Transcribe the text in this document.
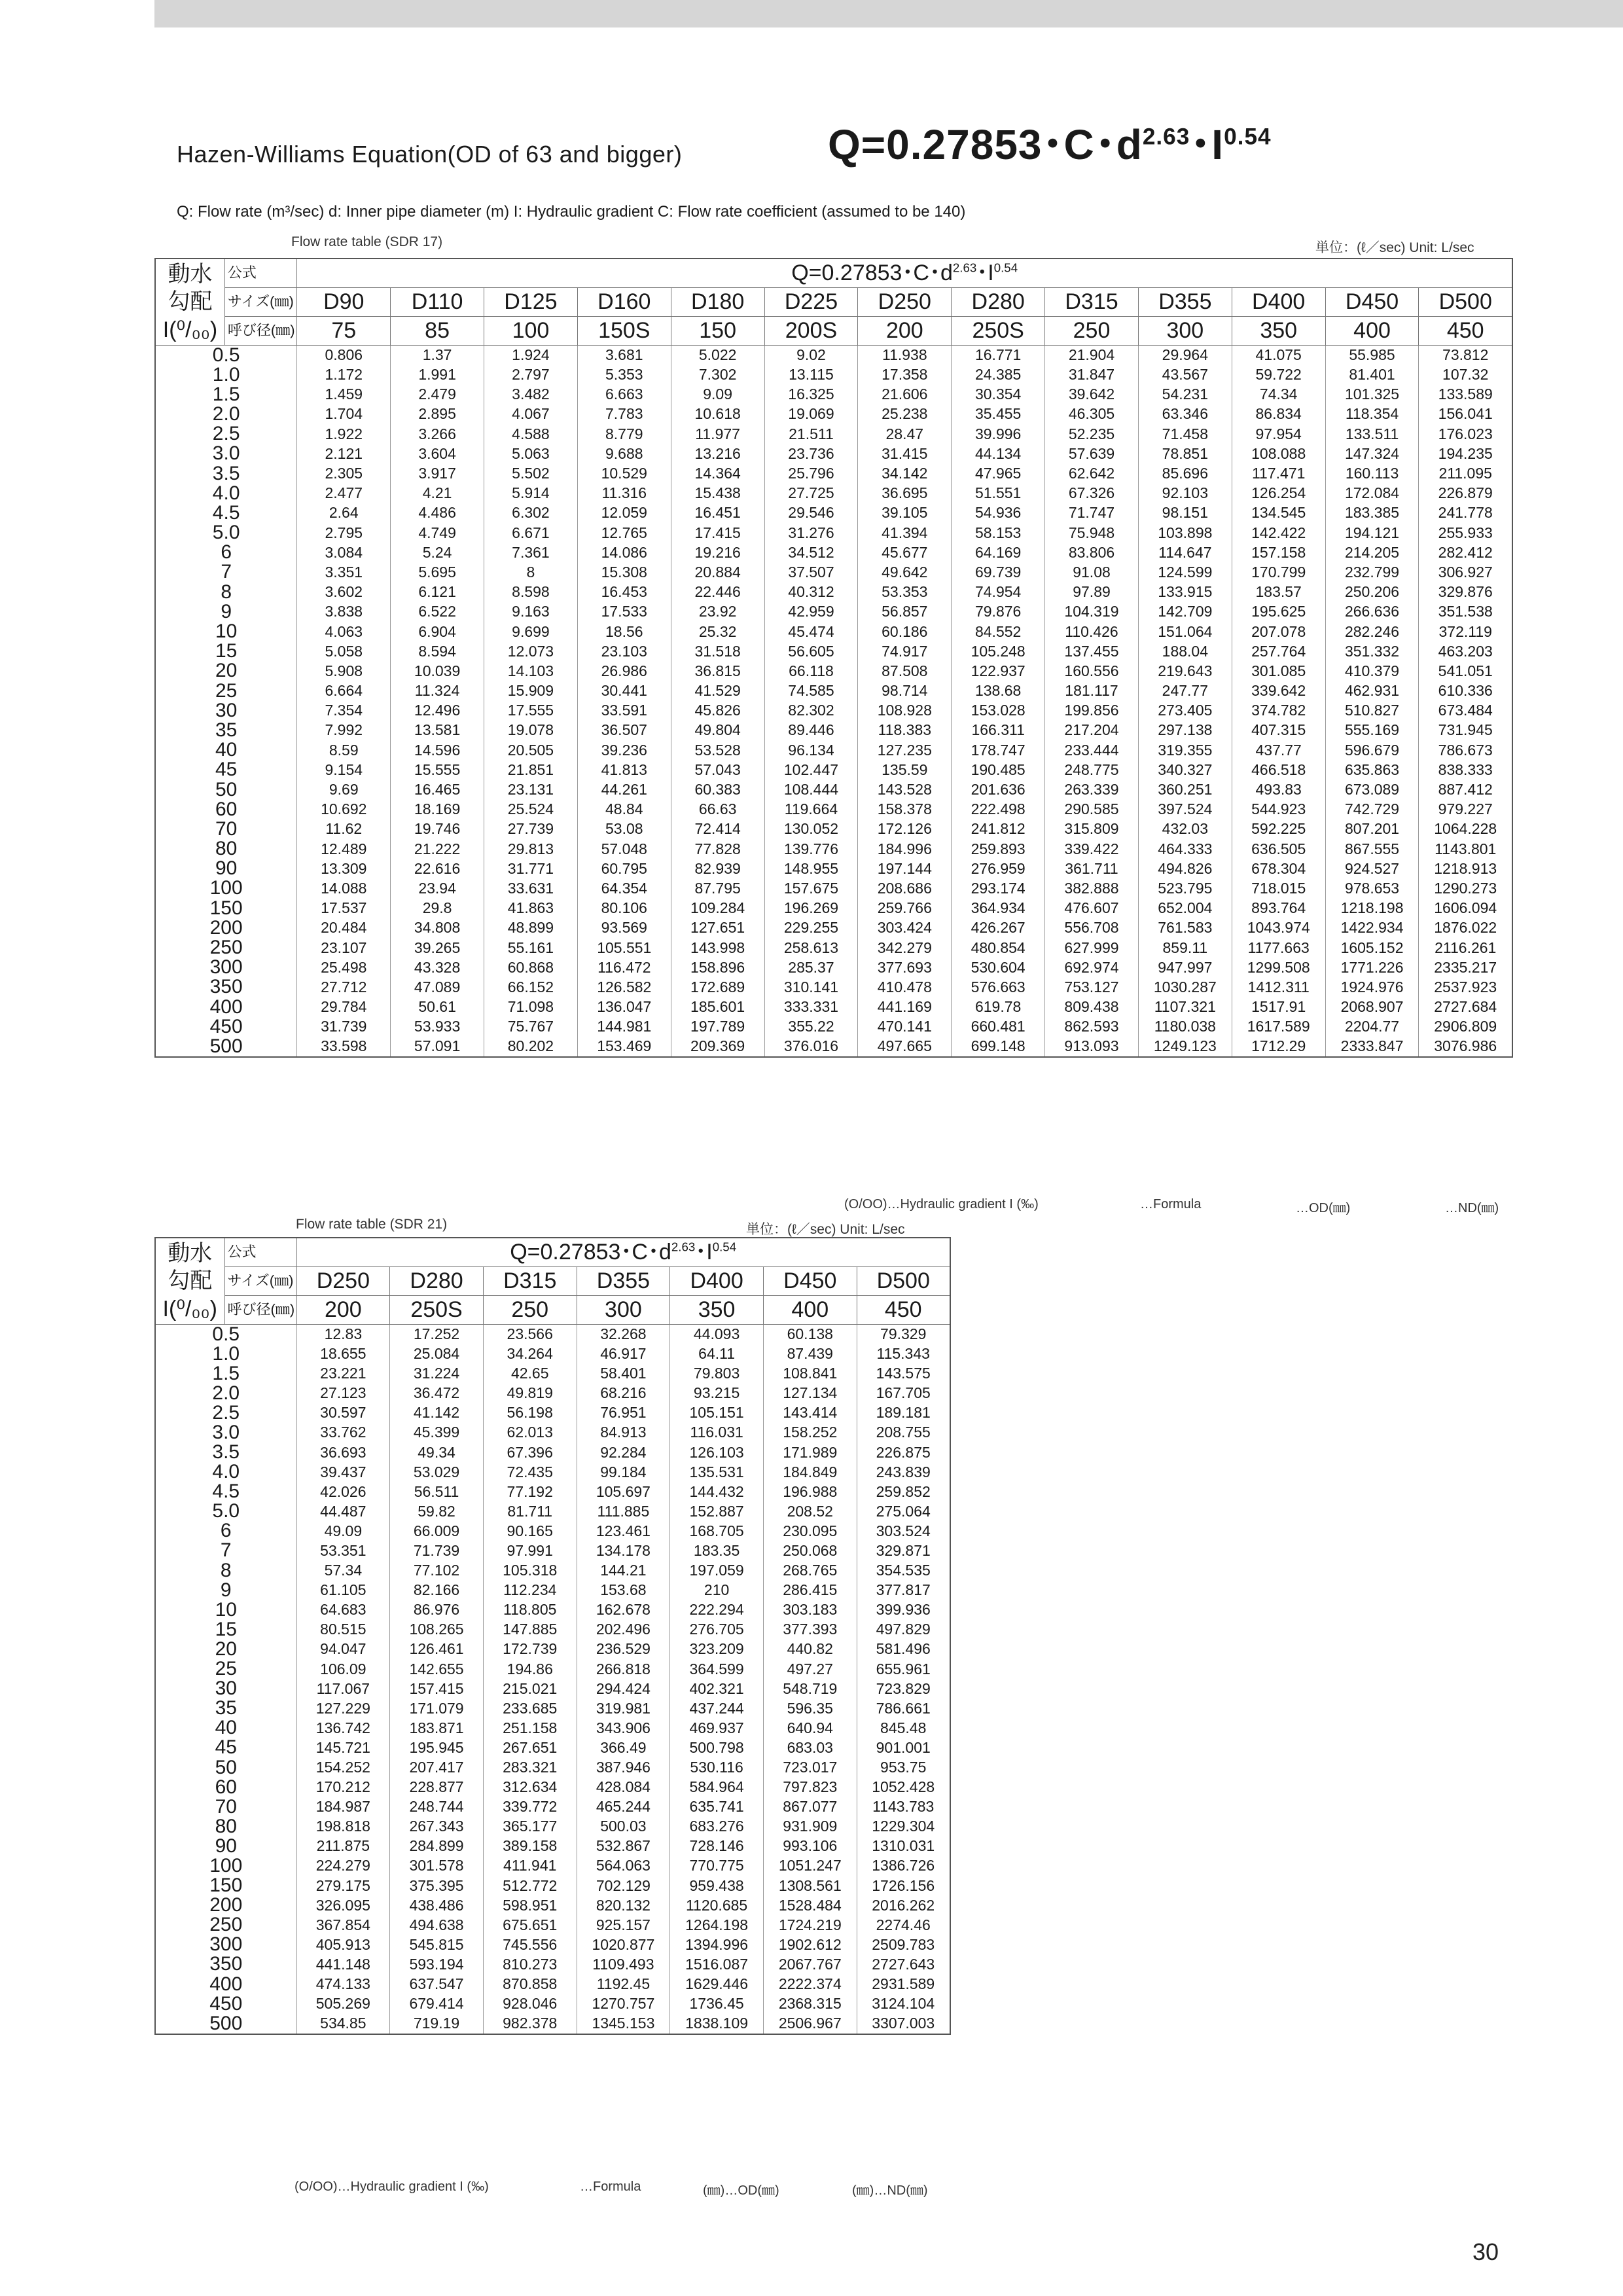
Hazen-Williams Equation(OD of 63 and bigger)	Q=0.27853･C･$d^{2.63}$･$I^{0.54}$
Q: Flow rate (m³/sec) d: Inner pipe diameter (m) I: Hydraulic gradient C: Flow rate coefficient (assumed to be 140)
Flow rate table (SDR 17)	単位：(ℓ／sec) Unit: L/sec
動水
勾配
I(⁰/₀₀)	公式	Q=0.27853･C･$d^{2.63}$･$I^{0.54}$
	サイズ(㎜)	D90	D110	D125	D160	D180	D225	D250	D280	D315	D355	D400	D450	D500
	呼び径(㎜)	75	85	100	150S	150	200S	200	250S	250	300	350	400	450
0.5		0.806	1.37	1.924	3.681	5.022	9.02	11.938	16.771	21.904	29.964	41.075	55.985	73.812
1.0		1.172	1.991	2.797	5.353	7.302	13.115	17.358	24.385	31.847	43.567	59.722	81.401	107.32
1.5		1.459	2.479	3.482	6.663	9.09	16.325	21.606	30.354	39.642	54.231	74.34	101.325	133.589
2.0		1.704	2.895	4.067	7.783	10.618	19.069	25.238	35.455	46.305	63.346	86.834	118.354	156.041
2.5		1.922	3.266	4.588	8.779	11.977	21.511	28.47	39.996	52.235	71.458	97.954	133.511	176.023
3.0		2.121	3.604	5.063	9.688	13.216	23.736	31.415	44.134	57.639	78.851	108.088	147.324	194.235
3.5		2.305	3.917	5.502	10.529	14.364	25.796	34.142	47.965	62.642	85.696	117.471	160.113	211.095
4.0		2.477	4.21	5.914	11.316	15.438	27.725	36.695	51.551	67.326	92.103	126.254	172.084	226.879
4.5		2.64	4.486	6.302	12.059	16.451	29.546	39.105	54.936	71.747	98.151	134.545	183.385	241.778
5.0		2.795	4.749	6.671	12.765	17.415	31.276	41.394	58.153	75.948	103.898	142.422	194.121	255.933
6		3.084	5.24	7.361	14.086	19.216	34.512	45.677	64.169	83.806	114.647	157.158	214.205	282.412
7		3.351	5.695	8	15.308	20.884	37.507	49.642	69.739	91.08	124.599	170.799	232.799	306.927
8		3.602	6.121	8.598	16.453	22.446	40.312	53.353	74.954	97.89	133.915	183.57	250.206	329.876
9		3.838	6.522	9.163	17.533	23.92	42.959	56.857	79.876	104.319	142.709	195.625	266.636	351.538
10		4.063	6.904	9.699	18.56	25.32	45.474	60.186	84.552	110.426	151.064	207.078	282.246	372.119
15		5.058	8.594	12.073	23.103	31.518	56.605	74.917	105.248	137.455	188.04	257.764	351.332	463.203
20		5.908	10.039	14.103	26.986	36.815	66.118	87.508	122.937	160.556	219.643	301.085	410.379	541.051
25		6.664	11.324	15.909	30.441	41.529	74.585	98.714	138.68	181.117	247.77	339.642	462.931	610.336
30		7.354	12.496	17.555	33.591	45.826	82.302	108.928	153.028	199.856	273.405	374.782	510.827	673.484
35		7.992	13.581	19.078	36.507	49.804	89.446	118.383	166.311	217.204	297.138	407.315	555.169	731.945
40		8.59	14.596	20.505	39.236	53.528	96.134	127.235	178.747	233.444	319.355	437.77	596.679	786.673
45		9.154	15.555	21.851	41.813	57.043	102.447	135.59	190.485	248.775	340.327	466.518	635.863	838.333
50		9.69	16.465	23.131	44.261	60.383	108.444	143.528	201.636	263.339	360.251	493.83	673.089	887.412
60		10.692	18.169	25.524	48.84	66.63	119.664	158.378	222.498	290.585	397.524	544.923	742.729	979.227
70		11.62	19.746	27.739	53.08	72.414	130.052	172.126	241.812	315.809	432.03	592.225	807.201	1064.228
80		12.489	21.222	29.813	57.048	77.828	139.776	184.996	259.893	339.422	464.333	636.505	867.555	1143.801
90		13.309	22.616	31.771	60.795	82.939	148.955	197.144	276.959	361.711	494.826	678.304	924.527	1218.913
100		14.088	23.94	33.631	64.354	87.795	157.675	208.686	293.174	382.888	523.795	718.015	978.653	1290.273
150		17.537	29.8	41.863	80.106	109.284	196.269	259.766	364.934	476.607	652.004	893.764	1218.198	1606.094
200		20.484	34.808	48.899	93.569	127.651	229.255	303.424	426.267	556.708	761.583	1043.974	1422.934	1876.022
250		23.107	39.265	55.161	105.551	143.998	258.613	342.279	480.854	627.999	859.11	1177.663	1605.152	2116.261
300		25.498	43.328	60.868	116.472	158.896	285.37	377.693	530.604	692.974	947.997	1299.508	1771.226	2335.217
350		27.712	47.089	66.152	126.582	172.689	310.141	410.478	576.663	753.127	1030.287	1412.311	1924.976	2537.923
400		29.784	50.61	71.098	136.047	185.601	333.331	441.169	619.78	809.438	1107.321	1517.91	2068.907	2727.684
450		31.739	53.933	75.767	144.981	197.789	355.22	470.141	660.481	862.593	1180.038	1617.589	2204.77	2906.809
500		33.598	57.091	80.202	153.469	209.369	376.016	497.665	699.148	913.093	1249.123	1712.29	2333.847	3076.986
(O/OO)…Hydraulic gradient I (‰)	…Formula	…OD(㎜)	…ND(㎜)
Flow rate table (SDR 21)	単位：(ℓ／sec) Unit: L/sec
動水
勾配
I(⁰/₀₀)	公式	Q=0.27853･C･$d^{2.63}$･$I^{0.54}$
	サイズ(㎜)	D250	D280	D315	D355	D400	D450	D500
	呼び径(㎜)	200	250S	250	300	350	400	450
0.5		12.83	17.252	23.566	32.268	44.093	60.138	79.329
1.0		18.655	25.084	34.264	46.917	64.11	87.439	115.343
1.5		23.221	31.224	42.65	58.401	79.803	108.841	143.575
2.0		27.123	36.472	49.819	68.216	93.215	127.134	167.705
2.5		30.597	41.142	56.198	76.951	105.151	143.414	189.181
3.0		33.762	45.399	62.013	84.913	116.031	158.252	208.755
3.5		36.693	49.34	67.396	92.284	126.103	171.989	226.875
4.0		39.437	53.029	72.435	99.184	135.531	184.849	243.839
4.5		42.026	56.511	77.192	105.697	144.432	196.988	259.852
5.0		44.487	59.82	81.711	111.885	152.887	208.52	275.064
6		49.09	66.009	90.165	123.461	168.705	230.095	303.524
7		53.351	71.739	97.991	134.178	183.35	250.068	329.871
8		57.34	77.102	105.318	144.21	197.059	268.765	354.535
9		61.105	82.166	112.234	153.68	210	286.415	377.817
10		64.683	86.976	118.805	162.678	222.294	303.183	399.936
15		80.515	108.265	147.885	202.496	276.705	377.393	497.829
20		94.047	126.461	172.739	236.529	323.209	440.82	581.496
25		106.09	142.655	194.86	266.818	364.599	497.27	655.961
30		117.067	157.415	215.021	294.424	402.321	548.719	723.829
35		127.229	171.079	233.685	319.981	437.244	596.35	786.661
40		136.742	183.871	251.158	343.906	469.937	640.94	845.48
45		145.721	195.945	267.651	366.49	500.798	683.03	901.001
50		154.252	207.417	283.321	387.946	530.116	723.017	953.75
60		170.212	228.877	312.634	428.084	584.964	797.823	1052.428
70		184.987	248.744	339.772	465.244	635.741	867.077	1143.783
80		198.818	267.343	365.177	500.03	683.276	931.909	1229.304
90		211.875	284.899	389.158	532.867	728.146	993.106	1310.031
100		224.279	301.578	411.941	564.063	770.775	1051.247	1386.726
150		279.175	375.395	512.772	702.129	959.438	1308.561	1726.156
200		326.095	438.486	598.951	820.132	1120.685	1528.484	2016.262
250		367.854	494.638	675.651	925.157	1264.198	1724.219	2274.46
300		405.913	545.815	745.556	1020.877	1394.996	1902.612	2509.783
350		441.148	593.194	810.273	1109.493	1516.087	2067.767	2727.643
400		474.133	637.547	870.858	1192.45	1629.446	2222.374	2931.589
450		505.269	679.414	928.046	1270.757	1736.45	2368.315	3124.104
500		534.85	719.19	982.378	1345.153	1838.109	2506.967	3307.003
(O/OO)…Hydraulic gradient I (‰)	…Formula	(㎜)…OD(㎜)	(㎜)…ND(㎜)
30
